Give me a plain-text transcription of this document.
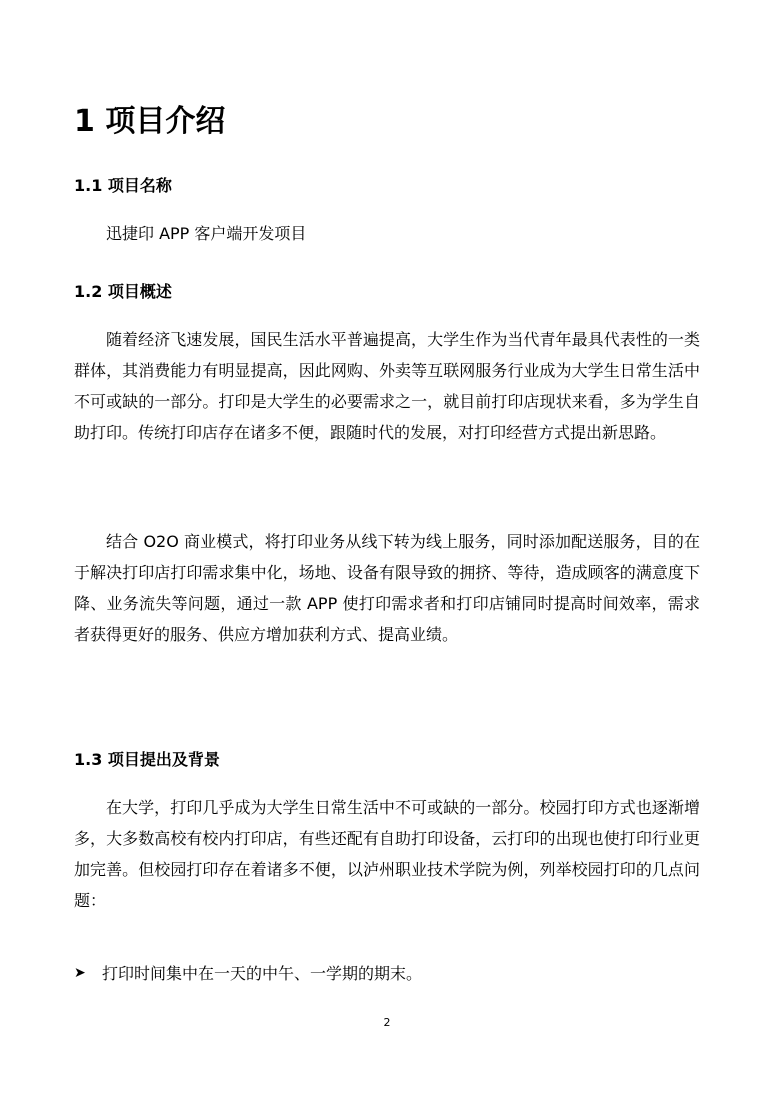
1 项目介绍
1.1 项目名称

迅捷印 APP 客户端开发项目

1.2 项目概述

随着经济飞速发展，国民生活水平普遍提高，大学生作为当代青年最具代表性的一类群体，其消费能力有明显提高，因此网购、外卖等互联网服务行业成为大学生日常生活中不可或缺的一部分。打印是大学生的必要需求之一，就目前打印店现状来看，多为学生自助打印。传统打印店存在诸多不便，跟随时代的发展，对打印经营方式提出新思路。

结合 O2O 商业模式，将打印业务从线下转为线上服务，同时添加配送服务，目的在于解决打印店打印需求集中化，场地、设备有限导致的拥挤、等待，造成顾客的满意度下降、业务流失等问题，通过一款 APP 使打印需求者和打印店铺同时提高时间效率，需求者获得更好的服务、供应方增加获利方式、提高业绩。

1.3 项目提出及背景

在大学，打印几乎成为大学生日常生活中不可或缺的一部分。校园打印方式也逐渐增多，大多数高校有校内打印店，有些还配有自助打印设备，云打印的出现也使打印行业更加完善。但校园打印存在着诸多不便，以泸州职业技术学院为例，列举校园打印的几点问题：

➤	打印时间集中在一天的中午、一学期的期末。
2
